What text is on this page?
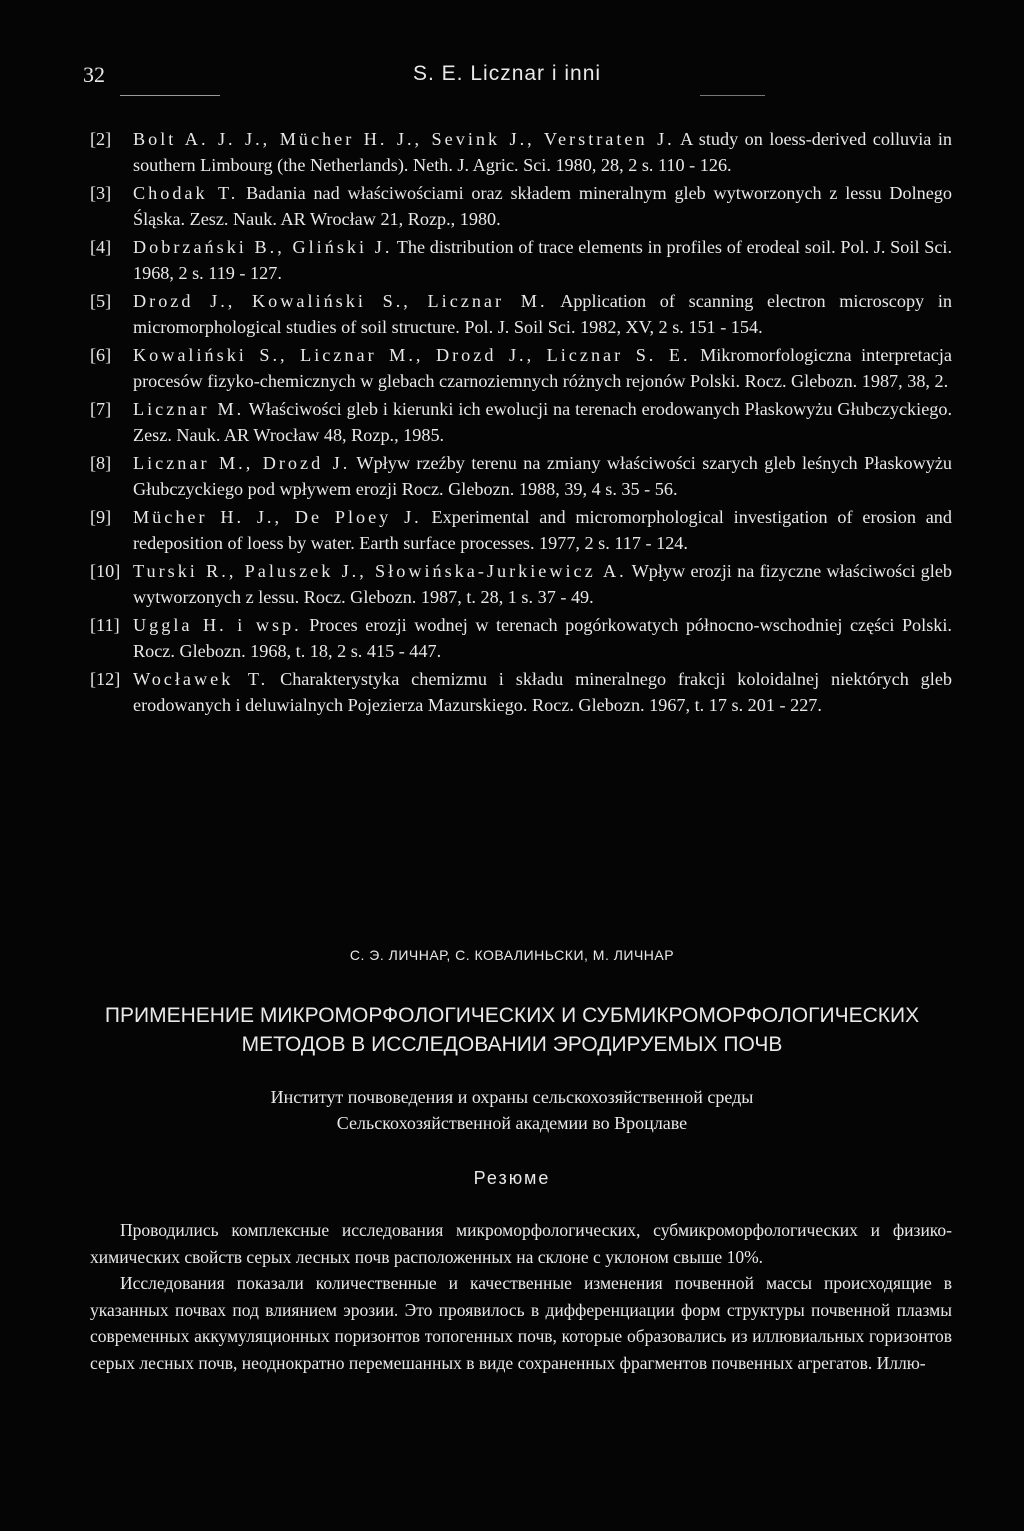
32	S. E. Licznar i inni
[2] Bolt A. J. J., Mücher H. J., Sevink J., Verstraten J. A study on loess-derived colluvia in southern Limbourg (the Netherlands). Neth. J. Agric. Sci. 1980, 28, 2 s. 110 - 126.
[3] Chodak T. Badania nad właściwościami oraz składem mineralnym gleb wytworzonych z lessu Dolnego Śląska. Zesz. Nauk. AR Wrocław 21, Rozp., 1980.
[4] Dobrzański B., Gliński J. The distribution of trace elements in profiles of erodeal soil. Pol. J. Soil Sci. 1968, 2 s. 119 - 127.
[5] Drozd J., Kowaliński S., Licznar M. Application of scanning electron microscopy in micromorphological studies of soil structure. Pol. J. Soil Sci. 1982, XV, 2 s. 151 - 154.
[6] Kowaliński S., Licznar M., Drozd J., Licznar S. E. Mikromorfologiczna interpretacja procesów fizyko-chemicznych w glebach czarnoziemnych różnych rejonów Polski. Rocz. Glebozn. 1987, 38, 2.
[7] Licznar M. Właściwości gleb i kierunki ich ewolucji na terenach erodowanych Płaskowyżu Głubczyckiego. Zesz. Nauk. AR Wrocław 48, Rozp., 1985.
[8] Licznar M., Drozd J. Wpływ rzeźby terenu na zmiany właściwości szarych gleb leśnych Płaskowyżu Głubczyckiego pod wpływem erozji Rocz. Glebozn. 1988, 39, 4 s. 35 - 56.
[9] Mücher H. J., De Ploey J. Experimental and micromorphological investigation of erosion and redeposition of loess by water. Earth surface processes. 1977, 2 s. 117 - 124.
[10] Turski R., Paluszek J., Słowińska-Jurkiewicz A. Wpływ erozji na fizyczne właściwości gleb wytworzonych z lessu. Rocz. Glebozn. 1987, t. 28, 1 s. 37 - 49.
[11] Uggla H. i wsp. Proces erozji wodnej w terenach pogórkowatych północno-wschodniej części Polski. Rocz. Glebozn. 1968, t. 18, 2 s. 415 - 447.
[12] Wocławek T. Charakterystyka chemizmu i składu mineralnego frakcji koloidalnej niektórych gleb erodowanych i deluwialnych Pojezierza Mazurskiego. Rocz. Glebozn. 1967, t. 17 s. 201 - 227.
С. Э. ЛИЧНАР, С. КОВАЛИНЬСКИ, М. ЛИЧНАР
ПРИМЕНЕНИЕ МИКРОМОРФОЛОГИЧЕСКИХ И СУБМИКРОМОРФОЛОГИЧЕСКИХ
МЕТОДОВ В ИССЛЕДОВАНИИ ЭРОДИРУЕМЫХ ПОЧВ
Институт почвоведения и охраны сельскохозяйственной среды
Сельскохозяйственной академии во Вроцлаве
Резюме

Проводились комплексные исследования микроморфологических, субмикроморфологических и физико-химических свойств серых лесных почв расположенных на склоне с уклоном свыше 10%.

Исследования показали количественные и качественные изменения почвенной массы происходящие в указанных почвах под влиянием эрозии. Это проявилось в дифференциации форм структуры почвенной плазмы современных аккумуляционных поризонтов топогенных почв, которые образовались из иллювиальных горизонтов серых лесных почв, неоднократно перемешанных в виде сохраненных фрагментов почвенных агрегатов. Иллю-
